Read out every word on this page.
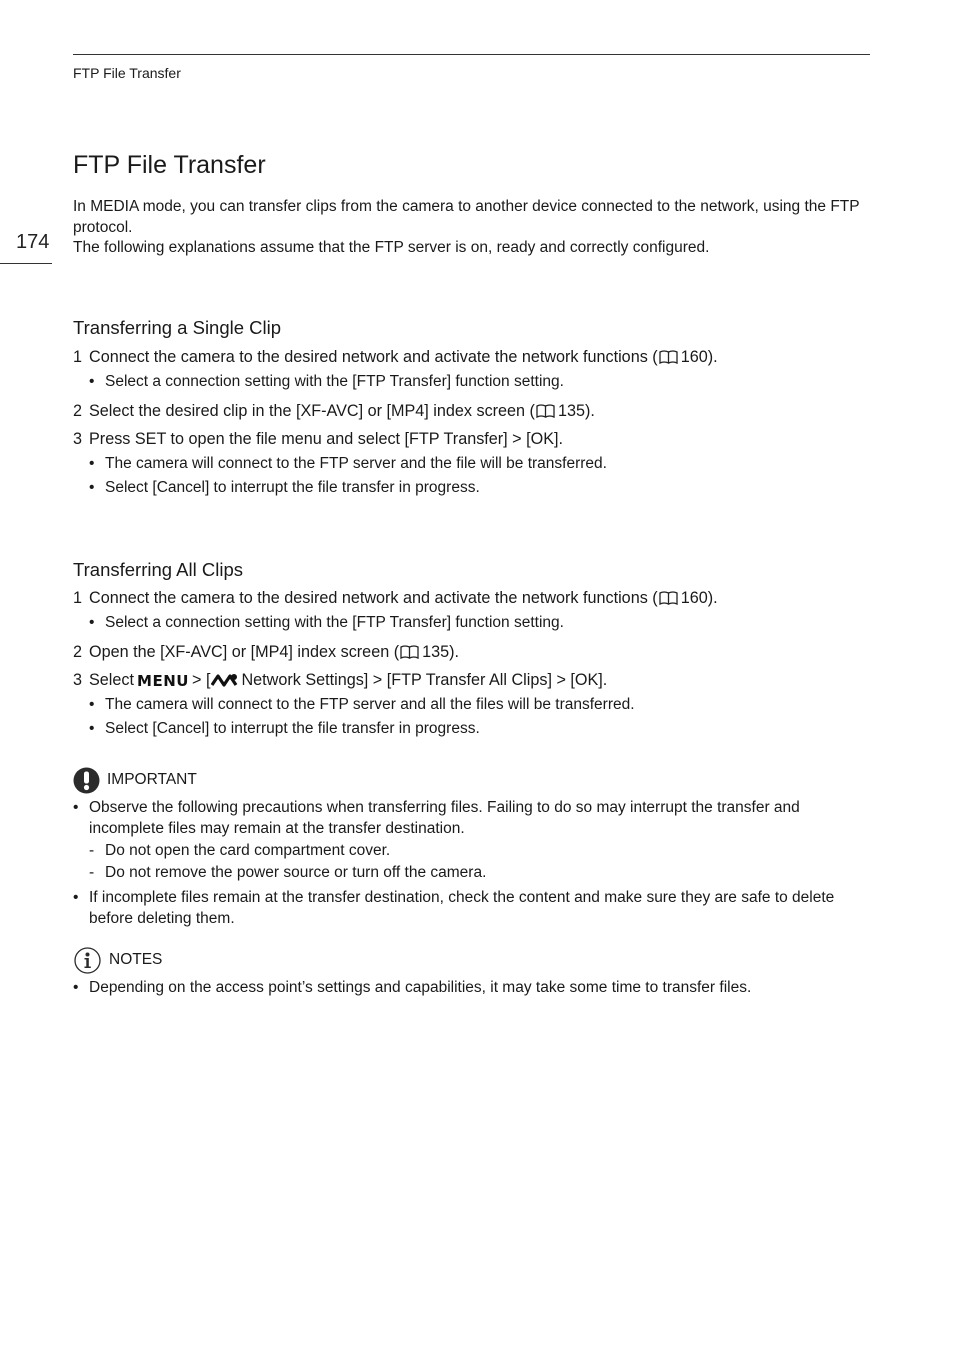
FTP File Transfer
174
FTP File Transfer

In MEDIA mode, you can transfer clips from the camera to another device connected to the network, using the FTP protocol.

The following explanations assume that the FTP server is on, ready and correctly configured.

Transferring a Single Clip

1 Connect the camera to the desired network and activate the network functions ( 160).

• Select a connection setting with the [FTP Transfer] function setting.

2 Select the desired clip in the [XF-AVC] or [MP4] index screen ( 135).

3 Press SET to open the file menu and select [FTP Transfer] > [OK].

• The camera will connect to the FTP server and the file will be transferred.
• Select [Cancel] to interrupt the file transfer in progress.
Transferring All Clips

1 Connect the camera to the desired network and activate the network functions ( 160).

• Select a connection setting with the [FTP Transfer] function setting.

2 Open the [XF-AVC] or [MP4] index screen ( 135).

3 Select MENU > [ Network Settings] > [FTP Transfer All Clips] > [OK].

• The camera will connect to the FTP server and all the files will be transferred.
• Select [Cancel] to interrupt the file transfer in progress.
IMPORTANT
• Observe the following precautions when transferring files. Failing to do so may interrupt the transfer and incomplete files may remain at the transfer destination.
- Do not open the card compartment cover.
- Do not remove the power source or turn off the camera.
• If incomplete files remain at the transfer destination, check the content and make sure they are safe to delete before deleting them.
NOTES
• Depending on the access point’s settings and capabilities, it may take some time to transfer files.
